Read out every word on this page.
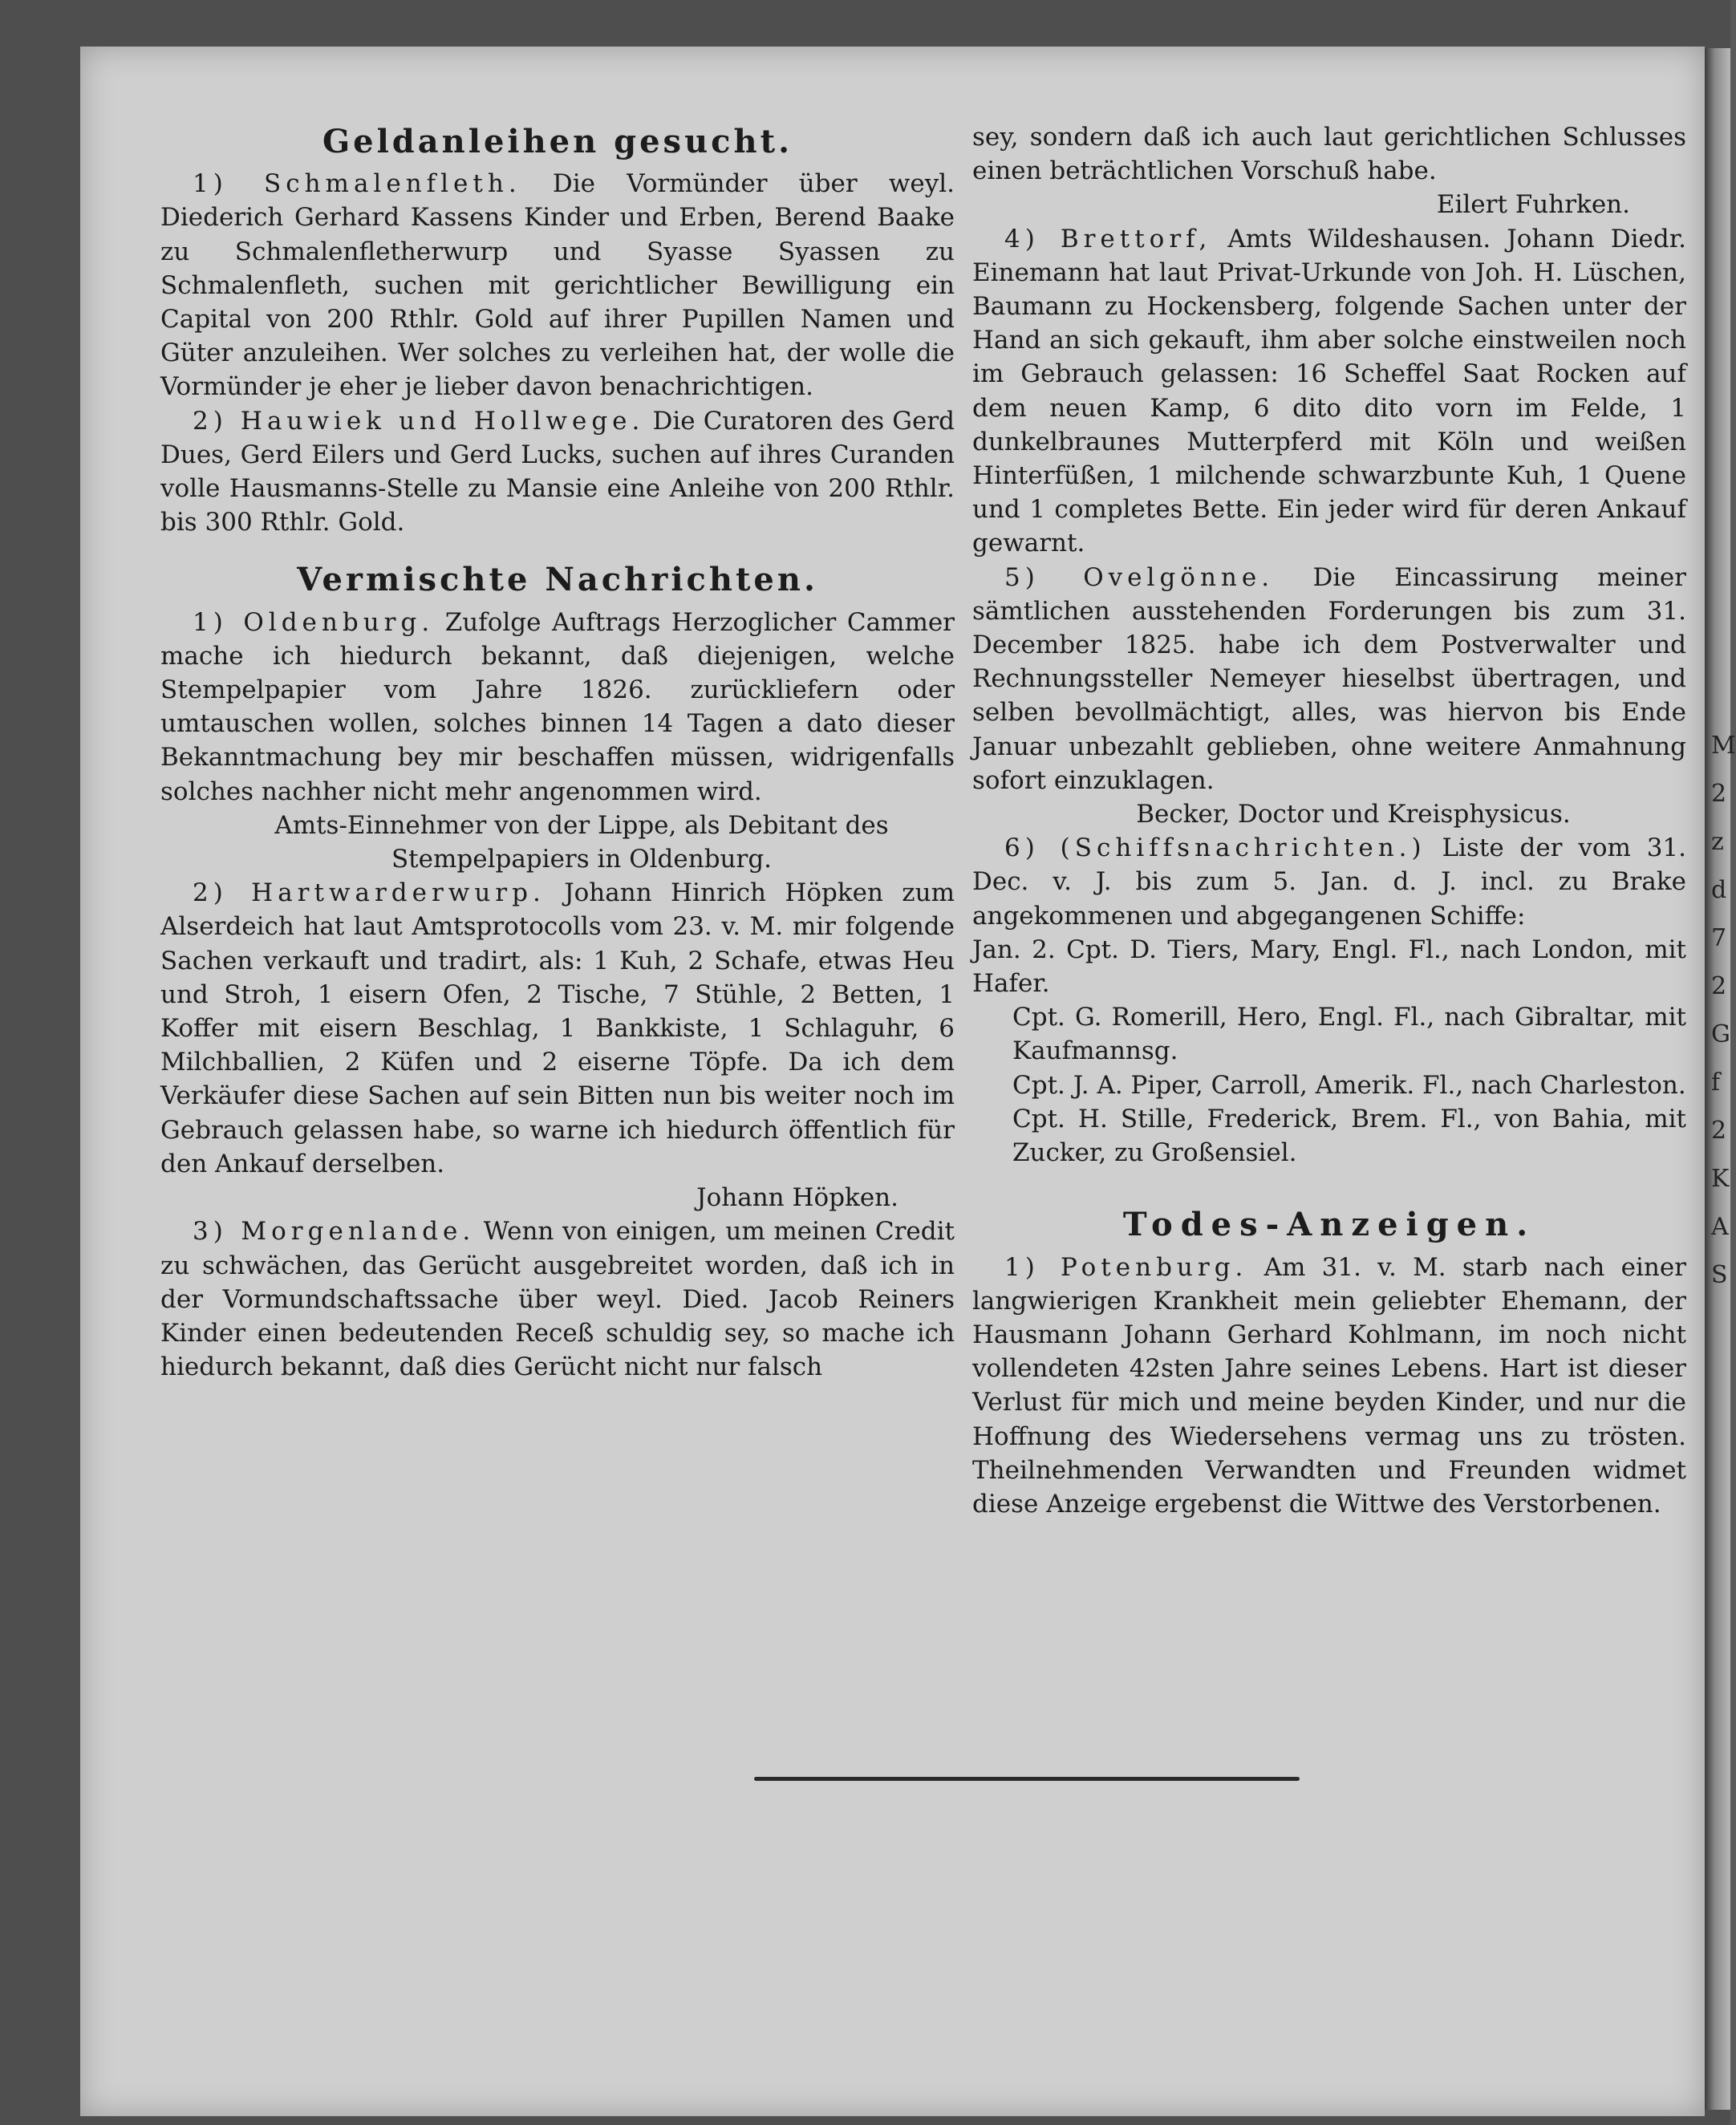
Geldanleihen gesucht.

1) Schmalenfleth. Die Vormünder über weyl. Diederich Gerhard Kassens Kinder und Erben, Berend Baake zu Schmalenfletherwurp und Syasse Syassen zu Schmalenfleth, suchen mit gerichtlicher Bewilligung ein Capital von 200 Rthlr. Gold auf ihrer Pupillen Namen und Güter anzuleihen. Wer solches zu verleihen hat, der wolle die Vormünder je eher je lieber davon benachrichtigen.

2) Hauwiek und Hollwege. Die Curatoren des Gerd Dues, Gerd Eilers und Gerd Lucks, suchen auf ihres Curanden volle Hausmanns-Stelle zu Mansie eine Anleihe von 200 Rthlr. bis 300 Rthlr. Gold.

Vermischte Nachrichten.

1) Oldenburg. Zufolge Auftrags Herzoglicher Cammer mache ich hiedurch bekannt, daß diejenigen, welche Stempelpapier vom Jahre 1826. zurückliefern oder umtauschen wollen, solches binnen 14 Tagen a dato dieser Bekanntmachung bey mir beschaffen müssen, widrigenfalls solches nachher nicht mehr angenommen wird.

Amts-Einnehmer von der Lippe, als Debitant des Stempelpapiers in Oldenburg.

2) Hartwarderwurp. Johann Hinrich Höpken zum Alserdeich hat laut Amtsprotocolls vom 23. v. M. mir folgende Sachen verkauft und tradirt, als: 1 Kuh, 2 Schafe, etwas Heu und Stroh, 1 eisern Ofen, 2 Tische, 7 Stühle, 2 Betten, 1 Koffer mit eisern Beschlag, 1 Bankkiste, 1 Schlaguhr, 6 Milchballien, 2 Küfen und 2 eiserne Töpfe. Da ich dem Verkäufer diese Sachen auf sein Bitten nun bis weiter noch im Gebrauch gelassen habe, so warne ich hiedurch öffentlich für den Ankauf derselben.

Johann Höpken.

3) Morgenlande. Wenn von einigen, um meinen Credit zu schwächen, das Gerücht ausgebreitet worden, daß ich in der Vormundschaftssache über weyl. Died. Jacob Reiners Kinder einen bedeutenden Receß schuldig sey, so mache ich hiedurch bekannt, daß dies Gerücht nicht nur falsch

sey, sondern daß ich auch laut gerichtlichen Schlusses einen beträchtlichen Vorschuß habe.

Eilert Fuhrken.

4) Brettorf, Amts Wildeshausen. Johann Diedr. Einemann hat laut Privat-Urkunde von Joh. H. Lüschen, Baumann zu Hockensberg, folgende Sachen unter der Hand an sich gekauft, ihm aber solche einstweilen noch im Gebrauch gelassen: 16 Scheffel Saat Rocken auf dem neuen Kamp, 6 dito dito vorn im Felde, 1 dunkelbraunes Mutterpferd mit Köln und weißen Hinterfüßen, 1 milchende schwarzbunte Kuh, 1 Quene und 1 completes Bette. Ein jeder wird für deren Ankauf gewarnt.

5) Ovelgönne. Die Eincassirung meiner sämtlichen ausstehenden Forderungen bis zum 31. December 1825. habe ich dem Postverwalter und Rechnungssteller Nemeyer hieselbst übertragen, und selben bevollmächtigt, alles, was hiervon bis Ende Januar unbezahlt geblieben, ohne weitere Anmahnung sofort einzuklagen.

Becker, Doctor und Kreisphysicus.

6) (Schiffsnachrichten.) Liste der vom 31. Dec. v. J. bis zum 5. Jan. d. J. incl. zu Brake angekommenen und abgegangenen Schiffe:

Jan. 2. Cpt. D. Tiers, Mary, Engl. Fl., nach London, mit Hafer.

Cpt. G. Romerill, Hero, Engl. Fl., nach Gibraltar, mit Kaufmannsg.

Cpt. J. A. Piper, Carroll, Amerik. Fl., nach Charleston.

Cpt. H. Stille, Frederick, Brem. Fl., von Bahia, mit Zucker, zu Großensiel.

Todes-Anzeigen.

1) Potenburg. Am 31. v. M. starb nach einer langwierigen Krankheit mein geliebter Ehemann, der Hausmann Johann Gerhard Kohlmann, im noch nicht vollendeten 42sten Jahre seines Lebens. Hart ist dieser Verlust für mich und meine beyden Kinder, und nur die Hoffnung des Wiedersehens vermag uns zu trösten. Theilnehmenden Verwandten und Freunden widmet diese Anzeige ergebenst die Wittwe des Verstorbenen.

M 2 z d 7 2 G f 2 K A S
